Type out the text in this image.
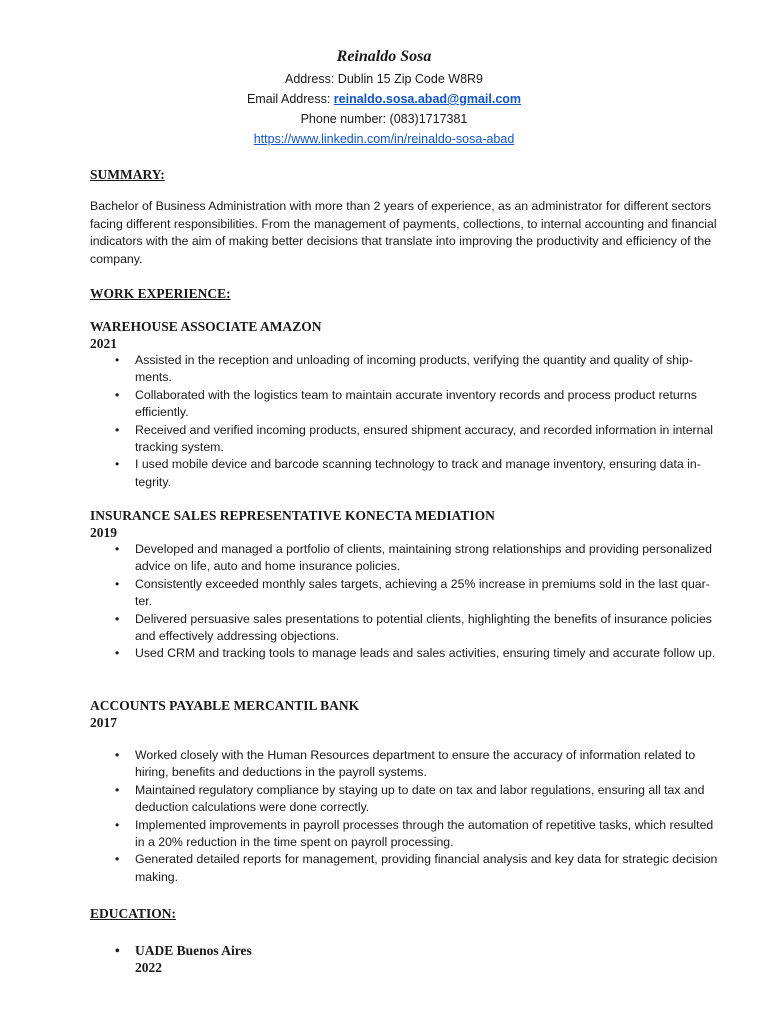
Reinaldo Sosa
Address: Dublin 15 Zip Code W8R9
Email Address: reinaldo.sosa.abad@gmail.com
Phone number: (083)1717381
https://www.linkedin.com/in/reinaldo-sosa-abad
SUMMARY:

Bachelor of Business Administration with more than 2 years of experience, as an administrator for different sectors facing different responsibilities. From the management of payments, collections, to internal accounting and financial indicators with the aim of making better decisions that translate into improving the productivity and efficiency of the company.

WORK EXPERIENCE:
WAREHOUSE ASSOCIATE AMAZON
2021
• Assisted in the reception and unloading of incoming products, verifying the quantity and quality of shipments.
• Collaborated with the logistics team to maintain accurate inventory records and process product returns efficiently.
• Received and verified incoming products, ensured shipment accuracy, and recorded information in internal tracking system.
• I used mobile device and barcode scanning technology to track and manage inventory, ensuring data integrity.
INSURANCE SALES REPRESENTATIVE KONECTA MEDIATION
2019
• Developed and managed a portfolio of clients, maintaining strong relationships and providing personalized advice on life, auto and home insurance policies.
• Consistently exceeded monthly sales targets, achieving a 25% increase in premiums sold in the last quarter.
• Delivered persuasive sales presentations to potential clients, highlighting the benefits of insurance policies and effectively addressing objections.
• Used CRM and tracking tools to manage leads and sales activities, ensuring timely and accurate follow up.
ACCOUNTS PAYABLE MERCANTIL BANK
2017
• Worked closely with the Human Resources department to ensure the accuracy of information related to hiring, benefits and deductions in the payroll systems.
• Maintained regulatory compliance by staying up to date on tax and labor regulations, ensuring all tax and deduction calculations were done correctly.
• Implemented improvements in payroll processes through the automation of repetitive tasks, which resulted in a 20% reduction in the time spent on payroll processing.
• Generated detailed reports for management, providing financial analysis and key data for strategic decision making.
EDUCATION:
• UADE Buenos Aires
2022
